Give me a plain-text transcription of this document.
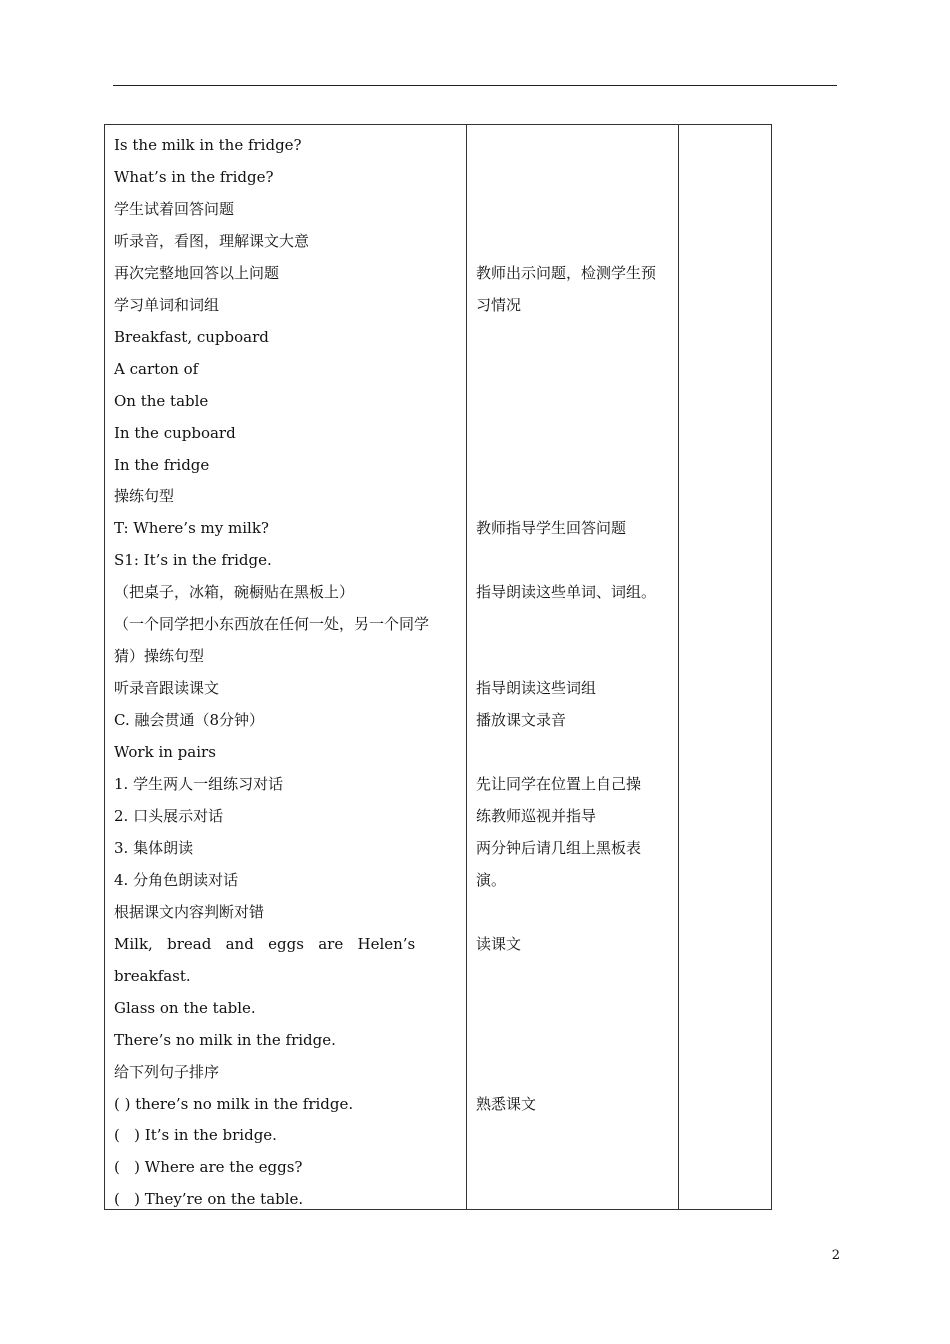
Is the milk in the fridge?
What’s in the fridge?
学生试着回答问题
听录音，看图，理解课文大意
再次完整地回答以上问题
学习单词和词组
Breakfast, cupboard
A carton of
On the table
In the cupboard
In the fridge
操练句型
T: Where’s my milk?
S1: It’s in the fridge.
（把桌子，冰箱，碗橱贴在黑板上）
（一个同学把小东西放在任何一处，另一个同学
猜）操练句型
听录音跟读课文
C. 融会贯通（8分钟）
Work in pairs
1. 学生两人一组练习对话
2. 口头展示对话
3. 集体朗读
4. 分角色朗读对话
根据课文内容判断对错
Milk,   bread   and   eggs   are   Helen’s
breakfast.
Glass on the table.
There’s no milk in the fridge.
给下列句子排序
( ) there’s no milk in the fridge.
(   ) It’s in the bridge.
(   ) Where are the eggs?
(   ) They’re on the table.
教师出示问题，检测学生预
习情况
教师指导学生回答问题
指导朗读这些单词、词组。
指导朗读这些词组
播放课文录音
先让同学在位置上自己操
练教师巡视并指导
两分钟后请几组上黑板表
演。
读课文
熟悉课文
2
